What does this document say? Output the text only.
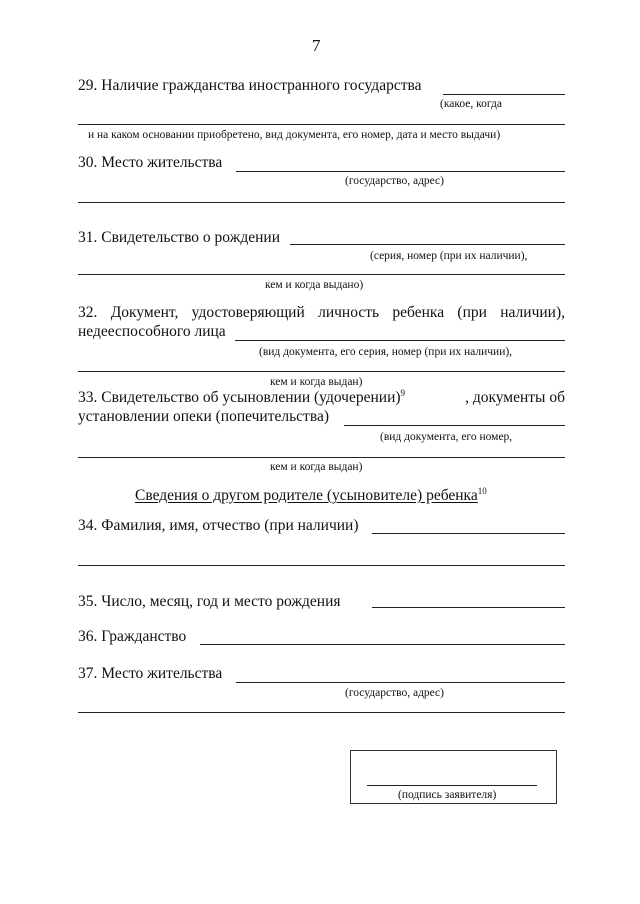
7
29. Наличие гражданства иностранного государства
(какое, когда
и на каком основании приобретено, вид документа, его номер, дата и место выдачи)
30. Место жительства
(государство, адрес)
31. Свидетельство о рождении
(серия, номер (при их наличии),
кем и когда выдано)
32. Документ, удостоверяющий личность ребенка (при наличии),
недееспособного лица
(вид документа, его серия, номер (при их наличии),
кем и когда выдан)
33. Свидетельство об усыновлении (удочерении)$^9$	, документы об
установлении опеки (попечительства)
(вид документа, его номер,
кем и когда выдан)
Сведения о другом родителе (усыновителе) ребенка$^{10}$
34. Фамилия, имя, отчество (при наличии)
35. Число, месяц, год и место рождения
36. Гражданство
37. Место жительства
(государство, адрес)
(подпись заявителя)
